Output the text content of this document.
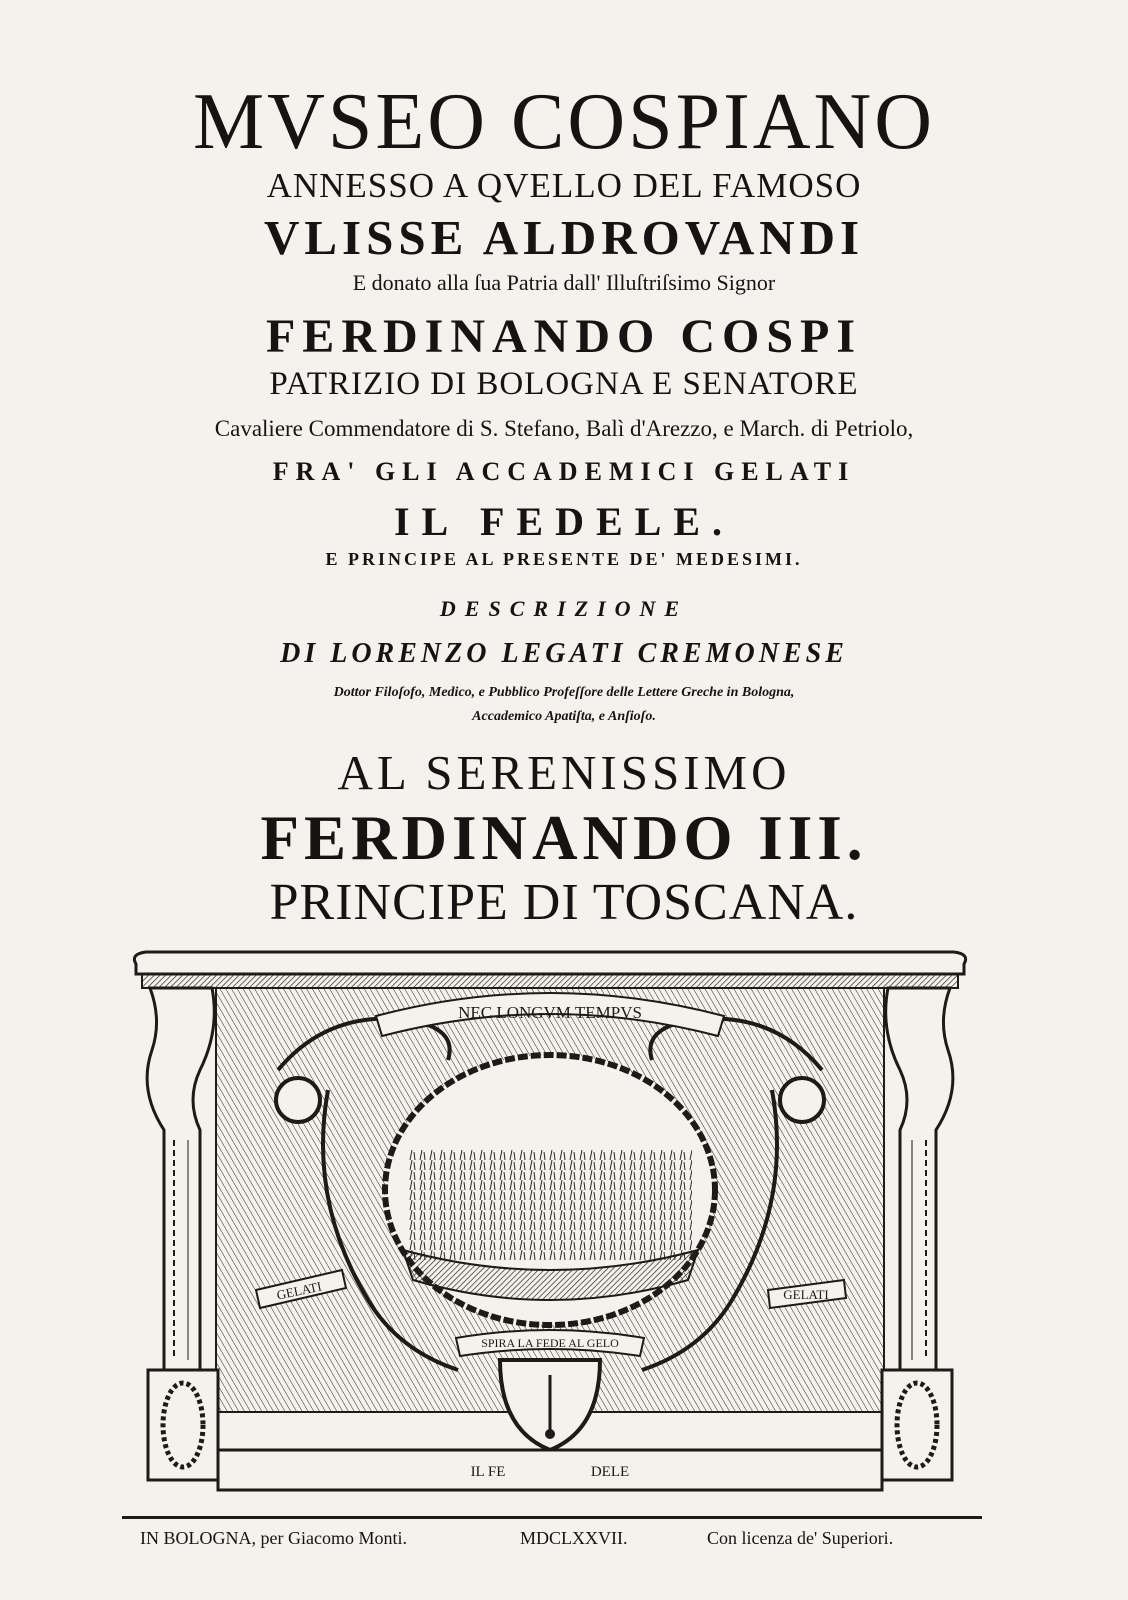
MVSEO COSPIANO
ANNESSO A QVELLO DEL FAMOSO
VLISSE ALDROVANDI
E donato alla ſua Patria dall' Illuſtriſsimo Signor
FERDINANDO COSPI
PATRIZIO DI BOLOGNA E SENATORE
Cavaliere Commendatore di S. Stefano, Balì d'Arezzo, e March. di Petriolo,
FRA' GLI ACCADEMICI GELATI
IL FEDELE.
E PRINCIPE AL PRESENTE DE' MEDESIMI.
DESCRIZIONE
DI LORENZO LEGATI CREMONESE
Dottor Filoſofo, Medico, e Pubblico Profeſſore delle Lettere Greche in Bologna,
Accademico Apatiſta, e Anſioſo.
AL SERENISSIMO
FERDINANDO III.
PRINCIPE DI TOSCANA.
NEC LONGVM TEMPVS
GELATI	GELATI
SPIRA LA FEDE AL GELO
IL FE	DELE
IN BOLOGNA, per Giacomo Monti.	MDCLXXVII.	Con licenza de' Superiori.
